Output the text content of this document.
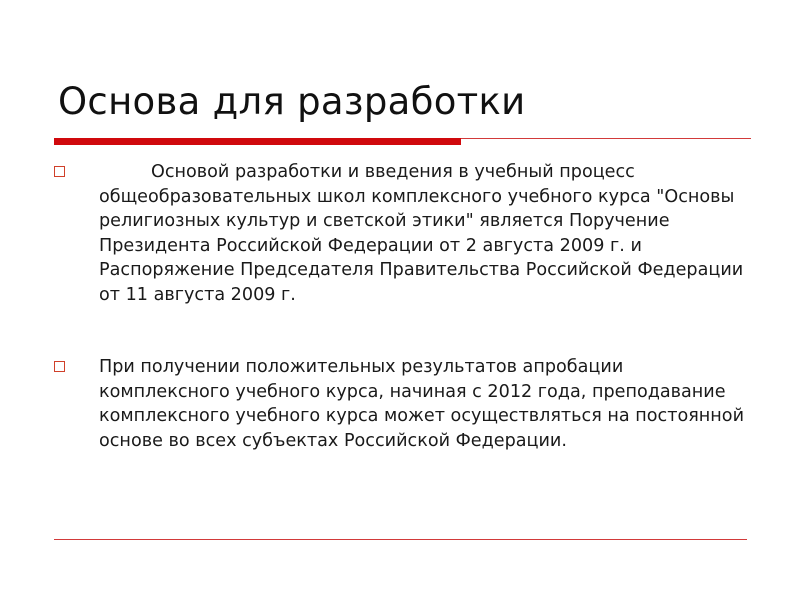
Основа для разработки
Основой разработки и введения в учебный процесс общеобразовательных школ комплексного учебного курса "Основы религиозных культур и светской этики" является Поручение Президента Российской Федерации от 2 августа 2009 г. и Распоряжение Председателя Правительства Российской Федерации от 11 августа 2009 г.
При получении положительных результатов апробации комплексного учебного курса, начиная с 2012 года, преподавание комплексного учебного курса может осуществляться на постоянной основе во всех субъектах Российской Федерации.
